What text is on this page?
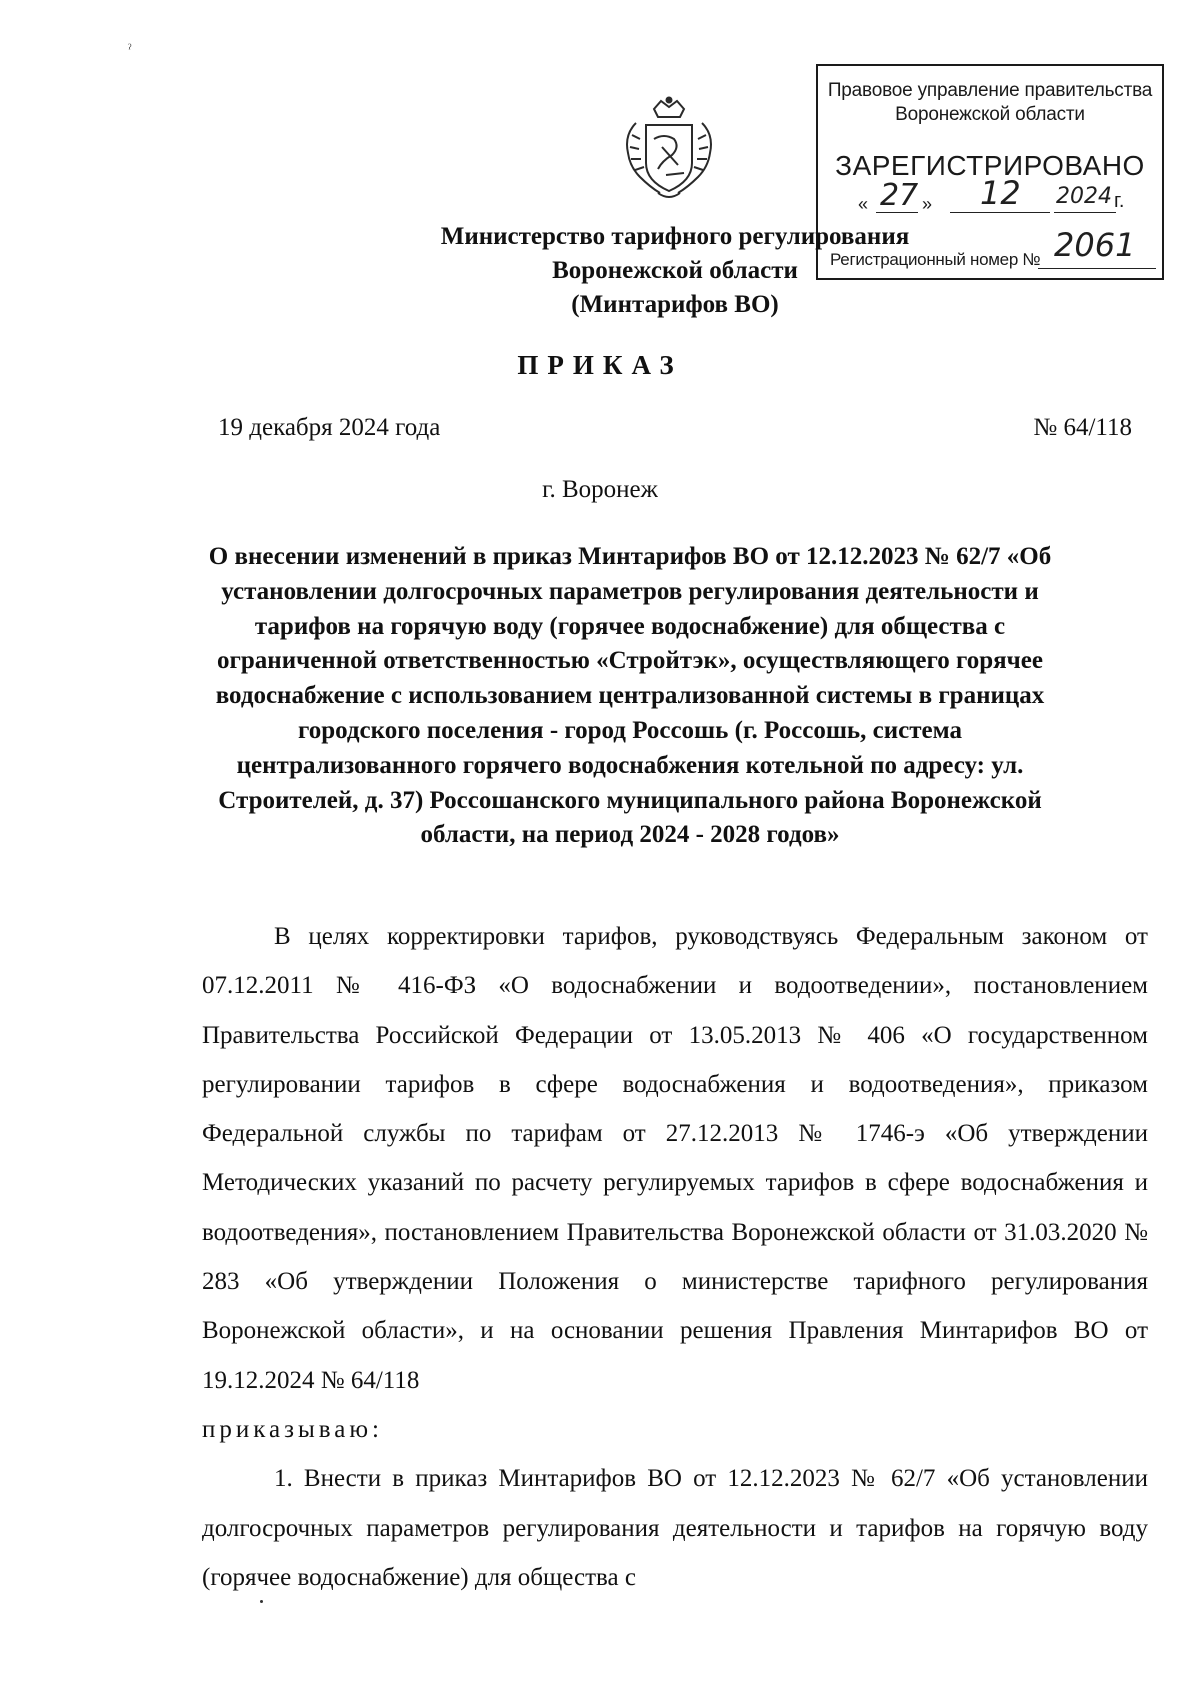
ˀ
Правовое управление правительства
Воронежской области
ЗАРЕГИСТРИРОВАНО
« 27 » 12 2024 г.
Регистрационный номер № 2061
Министерство тарифного регулирования
Воронежской области
(Минтарифов ВО)
ПРИКАЗ
19 декабря 2024 года	№ 64/118
г. Воронеж
О внесении изменений в приказ Минтарифов ВО от 12.12.2023 № 62/7 «Об установлении долгосрочных параметров регулирования деятельности и тарифов на горячую воду (горячее водоснабжение) для общества с ограниченной ответственностью «Стройтэк», осуществляющего горячее водоснабжение с использованием централизованной системы в границах городского поселения - город Россошь (г. Россошь, система централизованного горячего водоснабжения котельной по адресу: ул. Строителей, д. 37) Россошанского муниципального района Воронежской области, на период 2024 - 2028 годов»

В целях корректировки тарифов, руководствуясь Федеральным законом от 07.12.2011 № 416-ФЗ «О водоснабжении и водоотведении», постановлением Правительства Российской Федерации от 13.05.2013 № 406 «О государственном регулировании тарифов в сфере водоснабжения и водоотведения», приказом Федеральной службы по тарифам от 27.12.2013 № 1746-э «Об утверждении Методических указаний по расчету регулируемых тарифов в сфере водоснабжения и водоотведения», постановлением Правительства Воронежской области от 31.03.2020 № 283 «Об утверждении Положения о министерстве тарифного регулирования Воронежской области», и на основании решения Правления Минтарифов ВО от 19.12.2024 № 64/118

приказываю:

1. Внести в приказ Минтарифов ВО от 12.12.2023 № 62/7 «Об установлении долгосрочных параметров регулирования деятельности и тарифов на горячую воду (горячее водоснабжение) для общества с
